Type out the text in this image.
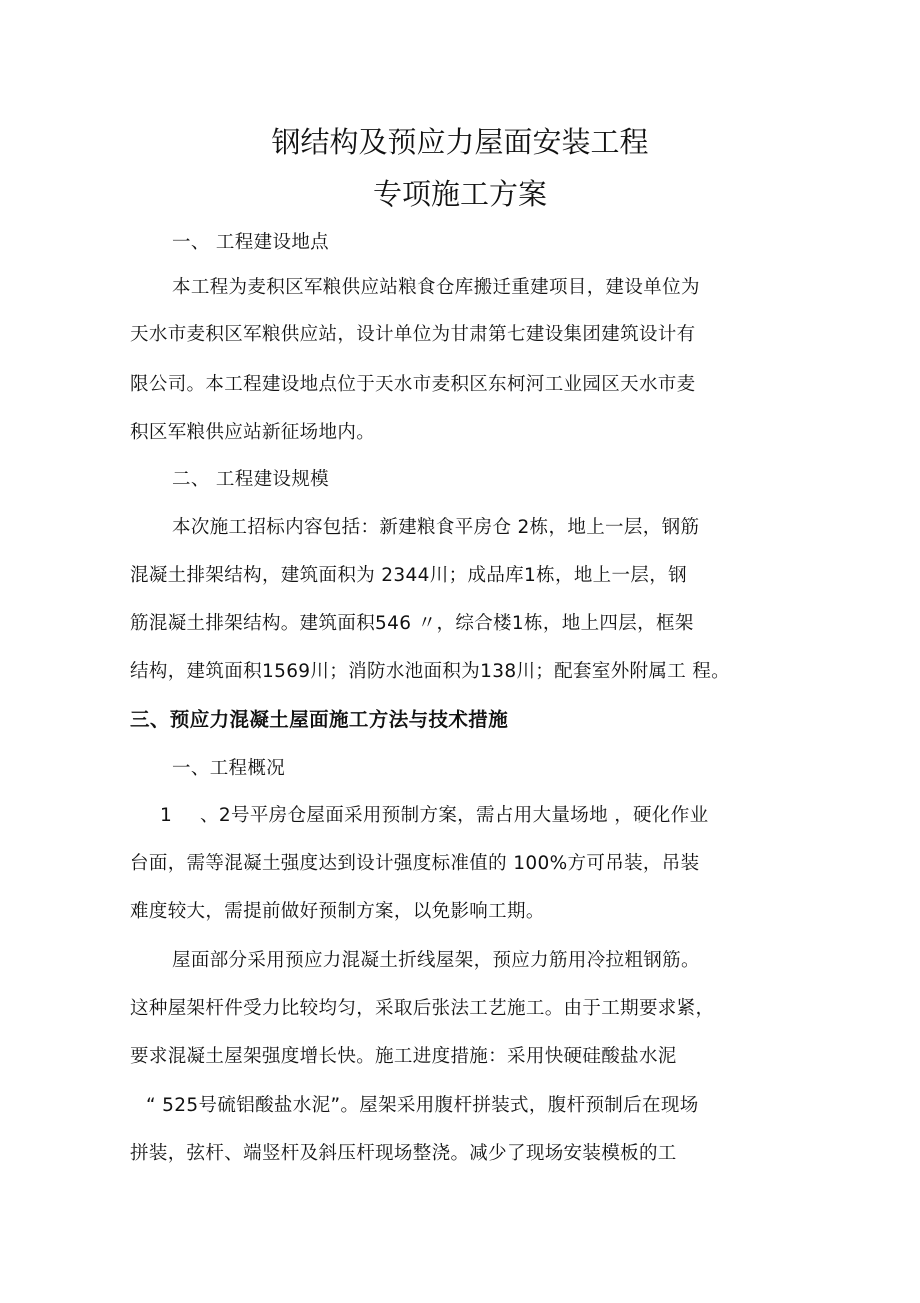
钢结构及预应力屋面安装工程
专项施工方案
一、 工程建设地点
本工程为麦积区军粮供应站粮食仓库搬迁重建项目，建设单位为
天水市麦积区军粮供应站，设计单位为甘肃第七建设集团建筑设计有
限公司。本工程建设地点位于天水市麦积区东柯河工业园区天水市麦
积区军粮供应站新征场地内。
二、 工程建设规模
本次施工招标内容包括：新建粮食平房仓 2栋，地上一层，钢筋
混凝土排架结构，建筑面积为 2344川；成品库1栋，地上一层，钢
筋混凝土排架结构。建筑面积546 〃，综合楼1栋，地上四层，框架
结构，建筑面积1569川；消防水池面积为138川；配套室外附属工 程。
三、预应力混凝土屋面施工方法与技术措施
一、工程概况
1 、2号平房仓屋面采用预制方案，需占用大量场地 ，硬化作业
台面，需等混凝土强度达到设计强度标准值的 100%方可吊装，吊装
难度较大，需提前做好预制方案，以免影响工期。
屋面部分采用预应力混凝土折线屋架，预应力筋用冷拉粗钢筋。
这种屋架杆件受力比较均匀，采取后张法工艺施工。由于工期要求紧，
要求混凝土屋架强度增长快。施工进度措施：采用快硬硅酸盐水泥
“ 525号硫铝酸盐水泥”。屋架采用腹杆拼装式，腹杆预制后在现场
拼装，弦杆、端竖杆及斜压杆现场整浇。减少了现场安装模板的工
